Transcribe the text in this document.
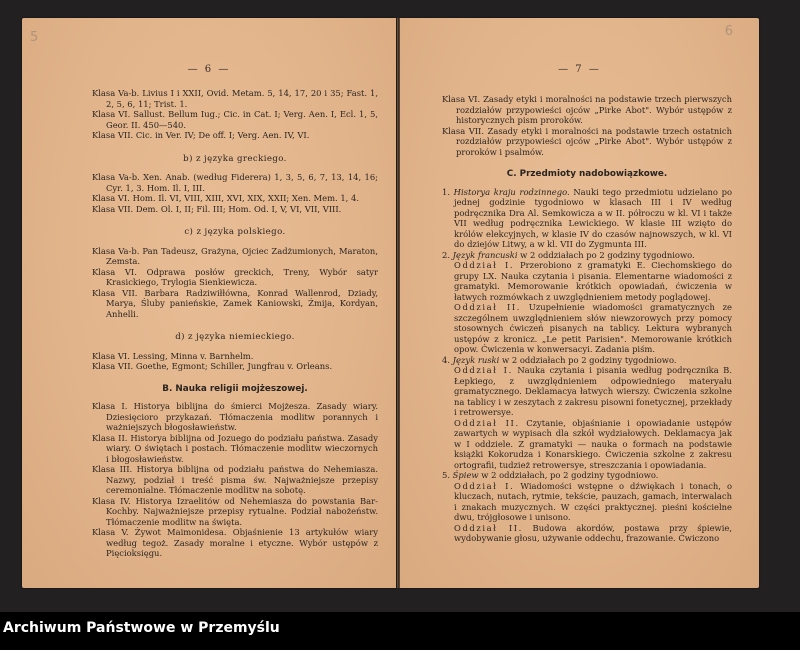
5
— 6 —

Klasa Va-b. Livius I i XXII, Ovid. Metam. 5, 14, 17, 20 i 35; Fast. 1, 2, 5, 6, 11; Trist. 1.

Klasa VI. Sallust. Bellum Iug.; Cic. in Cat. I; Verg. Aen. I, Ecl. 1, 5, Geor. II. 450—540.

Klasa VII. Cic. in Ver. IV; De off. I; Verg. Aen. IV, VI.

b) z języka greckiego.

Klasa Va-b. Xen. Anab. (według Fiderera) 1, 3, 5, 6, 7, 13, 14, 16; Cyr. 1, 3. Hom. Il. I, III.

Klasa VI. Hom. Il. VI, VIII, XIII, XVI, XIX, XXII; Xen. Mem. 1, 4.

Klasa VII. Dem. Ol. I, II; Fil. III; Hom. Od. I, V, VI, VII, VIII.

c) z języka polskiego.

Klasa Va-b. Pan Tadeusz, Grażyna, Ojciec Zadżumionych, Maraton, Zemsta.

Klasa VI. Odprawa posłów greckich, Treny, Wybór satyr Krasickiego, Trylogia Sienkiewicza.

Klasa VII. Barbara Radziwiłłówna, Konrad Wallenrod, Dziady, Marya, Śluby panieńskie, Zamek Kaniowski, Żmija, Kordyan, Anhelli.

d) z języka niemieckiego.

Klasa VI. Lessing, Minna v. Barnhelm.

Klasa VII. Goethe, Egmont; Schiller, Jungfrau v. Orleans.

B. Nauka religii mojżeszowej.

Klasa I. Historya biblijna do śmierci Mojżesza. Zasady wiary. Dziesięcioro przykazań. Tłómaczenia modlitw porannych i ważniejszych błogosławieństw.

Klasa II. Historya biblijna od Jozuego do podziału państwa. Zasady wiary. O świętach i postach. Tłómaczenie modlitw wieczornych i błogosławieństw.

Klasa III. Historya biblijna od podziału państwa do Nehemiasza. Nazwy, podział i treść pisma św. Najważniejsze przepisy ceremonialne. Tłómaczenie modlitw na sobotę.

Klasa IV. Historya Izraelitów od Nehemiasza do powstania Bar-Kochby. Najważniejsze przepisy rytualne. Podział nabożeństw. Tłómaczenie modlitw na święta.

Klasa V. Żywot Maimonidesa. Objaśnienie 13 artykułów wiary według tegoż. Zasady moralne i etyczne. Wybór ustępów z Pięcioksięgu.

6
— 7 —

Klasa VI. Zasady etyki i moralności na podstawie trzech pierwszych rozdziałów przypowieści ojców „Pirke Abot". Wybór ustępów z historycznych pism proroków.

Klasa VII. Zasady etyki i moralności na podstawie trzech ostatnich rozdziałów przypowieści ojców „Pirke Abot". Wybór ustępów z proroków i psalmów.

C. Przedmioty nadobowiązkowe.

1. Historya kraju rodzinnego. Nauki tego przedmiotu udzielano po jednej godzinie tygodniowo w klasach III i IV według podręcznika Dra Al. Semkowicza a w II. półroczu w kl. VI i także VII według podręcznika Lewickiego. W klasie III wzięto do królów elekcyjnych, w klasie IV do czasów najnowszych, w kl. VI do dziejów Litwy, a w kl. VII do Zygmunta III.

2. Język francuski w 2 oddziałach po 2 godziny tygodniowo.

Oddział I. Przerobiono z gramatyki E. Ciechomskiego do grupy LX. Nauka czytania i pisania. Elementarne wiadomości z gramatyki. Memorowanie krótkich opowiadań, ćwiczenia w łatwych rozmówkach z uwzględnieniem metody poglądowej.

Oddział II. Uzupełnienie wiadomości gramatycznych ze szczególnem uwzględnieniem słów niewzorowych przy pomocy stosownych ćwiczeń pisanych na tablicy. Lektura wybranych ustępów z kronicz. „Le petit Parisien". Memorowanie krótkich opow. Ćwiczenia w konwersacyi. Zadania piśm.

4. Język ruski w 2 oddziałach po 2 godziny tygodniowo.

Oddział I. Nauka czytania i pisania według podręcznika B. Łepkiego, z uwzględnieniem odpowiedniego materyału gramatycznego. Deklamacya łatwych wierszy. Ćwiczenia szkolne na tablicy i w zeszytach z zakresu pisowni fonetycznej, przekłady i retrowersye.

Oddział II. Czytanie, objaśnianie i opowiadanie ustępów zawartych w wypisach dla szkół wydziałowych. Deklamacya jak w I oddziele. Z gramatyki — nauka o formach na podstawie książki Kokorudza i Konarskiego. Ćwiczenia szkolne z zakresu ortografii, tudzież retrowersye, streszczania i opowiadania.

5. Śpiew w 2 oddziałach, po 2 godziny tygodniowo.

Oddział I. Wiadomości wstępne o dźwiękach i tonach, o kluczach, nutach, rytmie, tekście, pauzach, gamach, interwalach i znakach muzycznych. W części praktycznej. pieśni kościelne dwu, trójgłosowe i unisono.

Oddział II. Budowa akordów, postawa przy śpiewie, wydobywanie głosu, używanie oddechu, frazowanie. Ćwiczono

Archiwum Państwowe w Przemyślu
